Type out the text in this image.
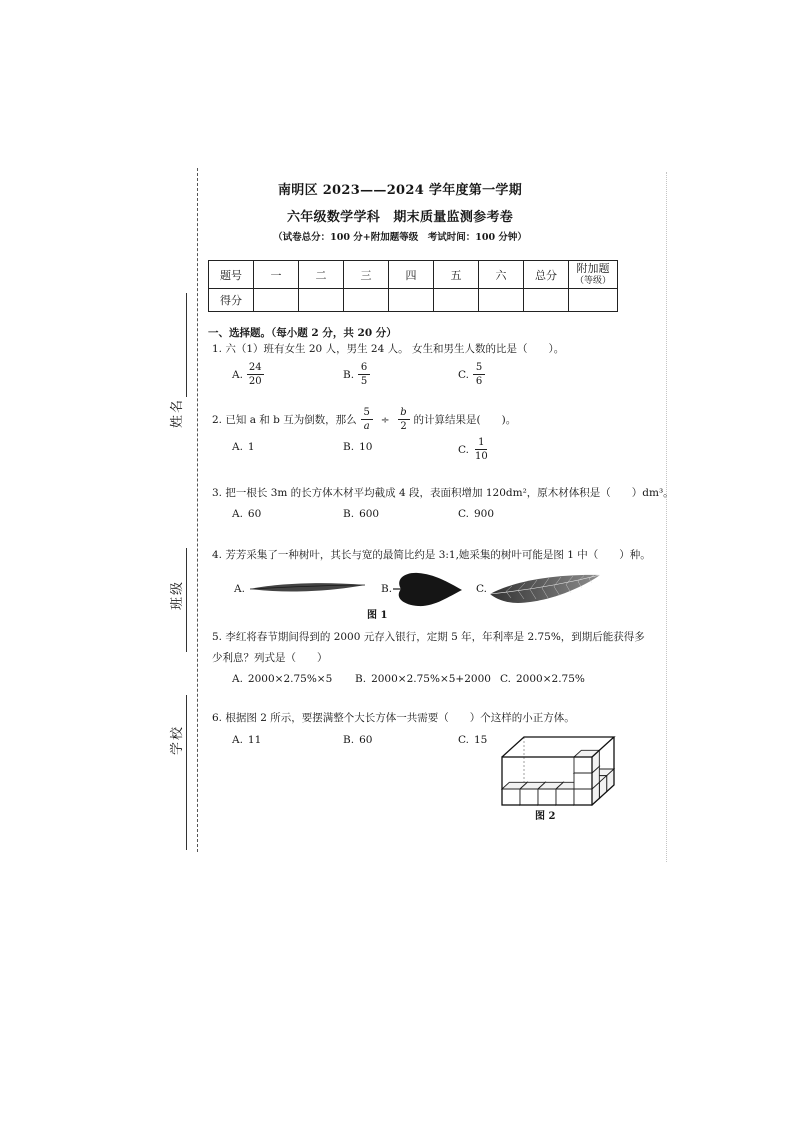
姓名
班级
学校
南明区 2023——2024 学年度第一学期
六年级数学学科　期末质量监测参考卷
（试卷总分：100 分+附加题等级　考试时间：100 分钟）
题号	一	二	三	四	五	六	总分	附加题
（等级）

得分								
一、选择题。（每小题 2 分，共 20 分）
1. 六（1）班有女生 20 人，男生 24 人。 女生和男生人数的比是（　　）。
A. $\frac{24}{20}$	B. $\frac{6}{5}$	C. $\frac{5}{6}$
2. 已知 a 和 b 互为倒数，那么 $\frac{5}{a} \div \frac{b}{2}$ 的计算结果是(　　)。
A. 1	B. 10	C. $\frac{1}{10}$
3. 把一根长 3m 的长方体木材平均截成 4 段，表面积增加 120dm²，原木材体积是（　　）dm³。
A. 60	B. 600	C. 900
4. 芳芳采集了一种树叶，其长与宽的最简比约是 3:1,她采集的树叶可能是图 1 中（　　）种。
A.	B.	C.
图 1
5. 李红将春节期间得到的 2000 元存入银行，定期 5 年，年利率是 2.75%，到期后能获得多
少利息？列式是（　　）
A. 2000×2.75%×5 B. 2000×2.75%×5+2000 C. 2000×2.75%
6. 根据图 2 所示，要摆满整个大长方体一共需要（　　）个这样的小正方体。
A. 11	B. 60	C. 15
图 2
